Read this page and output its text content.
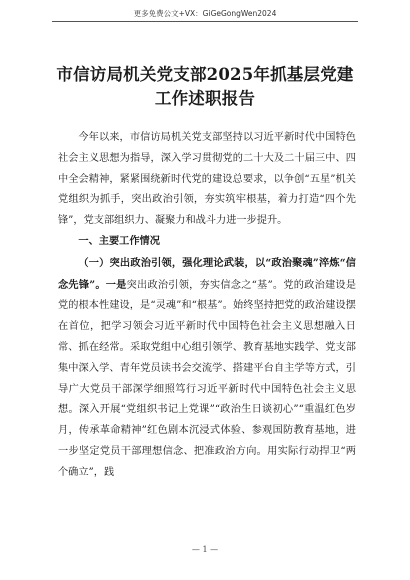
更多免费公文+VX：GiGeGongWen2024
市信访局机关党支部2025年抓基层党建
工作述职报告

今年以来，市信访局机关党支部坚持以习近平新时代中国特色社会主义思想为指导，深入学习贯彻党的二十大及二十届三中、四中全会精神，紧紧围绕新时代党的建设总要求，以争创“五星”机关党组织为抓手，突出政治引领，夯实筑牢根基，着力打造“四个先锋”，党支部组织力、凝聚力和战斗力进一步提升。

一、主要工作情况

（一）突出政治引领，强化理论武装，以“政治聚魂”淬炼“信念先锋”。一是突出政治引领，夯实信念之“基”。党的政治建设是党的根本性建设，是“灵魂”和“根基”。始终坚持把党的政治建设摆在首位，把学习领会习近平新时代中国特色社会主义思想融入日常、抓在经常。采取党组中心组引领学、教育基地实践学、党支部集中深入学、青年党员读书会交流学、搭建平台自主学等方式，引导广大党员干部深学细照笃行习近平新时代中国特色社会主义思想。深入开展“党组织书记上党课”“政治生日谈初心”“重温红色岁月，传承革命精神”红色剧本沉浸式体验、参观国防教育基地，进一步坚定党员干部理想信念、把准政治方向。用实际行动捍卫“两个确立”，践

— 1 —
